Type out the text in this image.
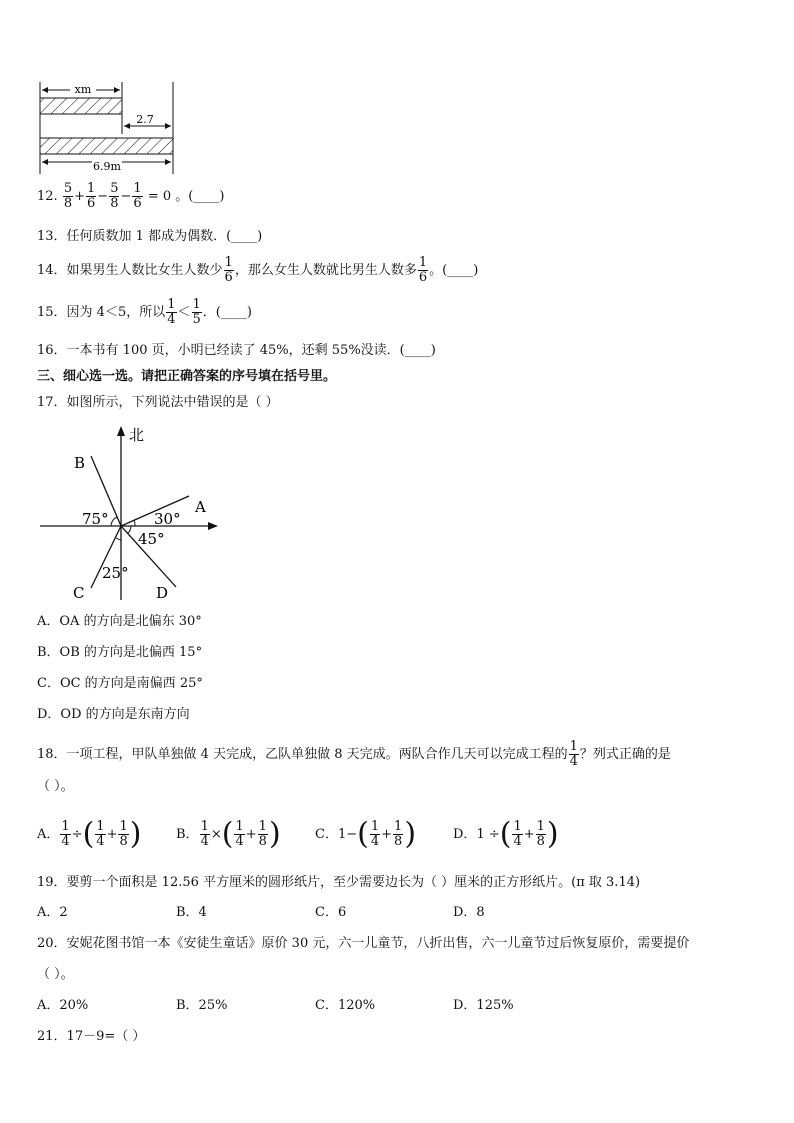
xm
2.7
6.9m
12. $\frac{5}{8} + \frac{1}{6} - \frac{5}{8} - \frac{1}{6} = 0$ 。(____)
13．任何质数加 1 都成为偶数．(____)
14．如果男生人数比女生人数少 $\frac{1}{6}$ ，那么女生人数就比男生人数多 $\frac{1}{6}$ 。(____)
15．因为 4＜5，所以 $\frac{1}{4} < \frac{1}{5}$ ．(____)
16．一本书有 100 页，小明已经读了 45%，还剩 55%没读．(____)
三、细心选一选。请把正确答案的序号填在括号里。
17．如图所示，下列说法中错误的是（ ）
北
A
B
C	D
75°	30°
45°
25°
A．OA 的方向是北偏东 30°
B．OB 的方向是北偏西 15°
C．OC 的方向是南偏西 25°
D．OD 的方向是东南方向
18．一项工程，甲队单独做 4 天完成，乙队单独做 8 天完成。两队合作几天可以完成工程的 $\frac{1}{4}$ ？列式正确的是
（ ）。
A． $\frac{1}{4}$ ÷( $\frac{1}{4} + \frac{1}{8}$ )	B． $\frac{1}{4}$ ×( $\frac{1}{4} + \frac{1}{8}$ )	C．$1-( \frac{1}{4} + \frac{1}{8}$ )	D．1 ÷( $\frac{1}{4} + \frac{1}{8}$ )
19．要剪一个面积是 12.56 平方厘米的圆形纸片，至少需要边长为（ ）厘米的正方形纸片。(π 取 3.14)
A．2	B．4	C．6	D．8
20．安妮花图书馆一本《安徒生童话》原价 30 元，六一儿童节，八折出售，六一儿童节过后恢复原价，需要提价
（ ）。
A．20%	B．25%	C．120%	D．125%
21．17－9=（ ）
